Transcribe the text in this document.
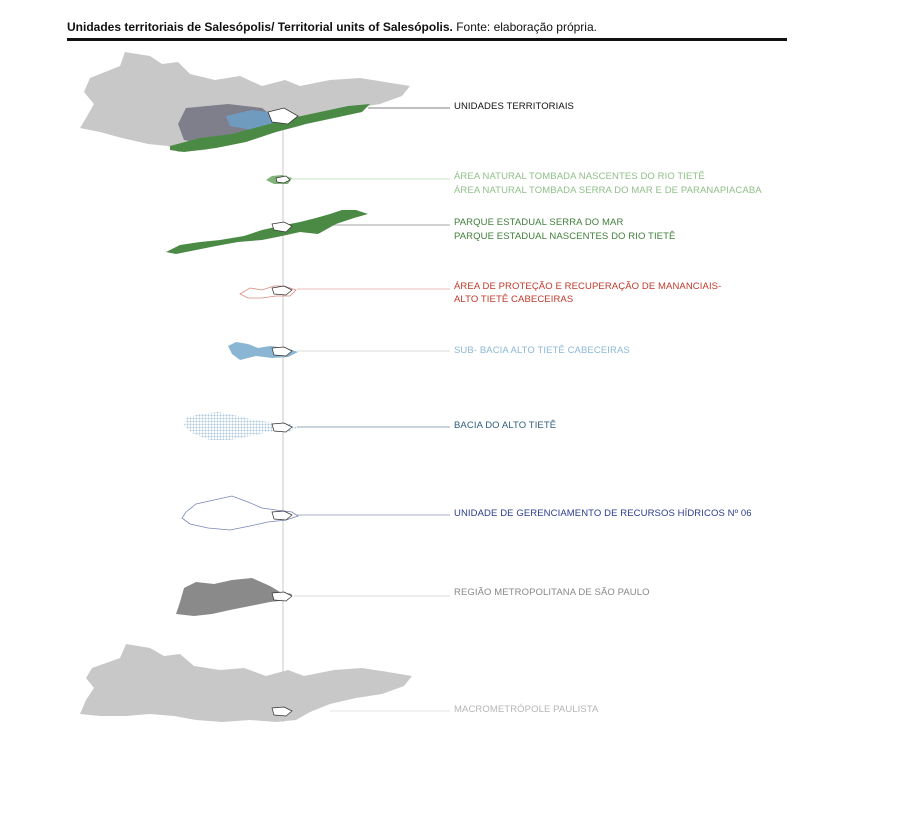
Unidades territoriais de Salesópolis/ Territorial units of Salesópolis. Fonte: elaboração própria.
UNIDADES TERRITORIAIS
ÁREA NATURAL TOMBADA NASCENTES DO RIO TIETÊ
ÁREA NATURAL TOMBADA SERRA DO MAR E DE PARANAPIACABA
PARQUE ESTADUAL SERRA DO MAR
PARQUE ESTADUAL NASCENTES DO RIO TIETÊ
ÁREA DE PROTEÇÃO E RECUPERAÇÃO DE MANANCIAIS-
ALTO TIETÊ CABECEIRAS
SUB- BACIA ALTO TIETÊ CABECEIRAS
BACIA DO ALTO TIETÊ
UNIDADE DE GERENCIAMENTO DE RECURSOS HÍDRICOS Nº 06
REGIÃO METROPOLITANA DE SÃO PAULO
MACROMETRÓPOLE PAULISTA
